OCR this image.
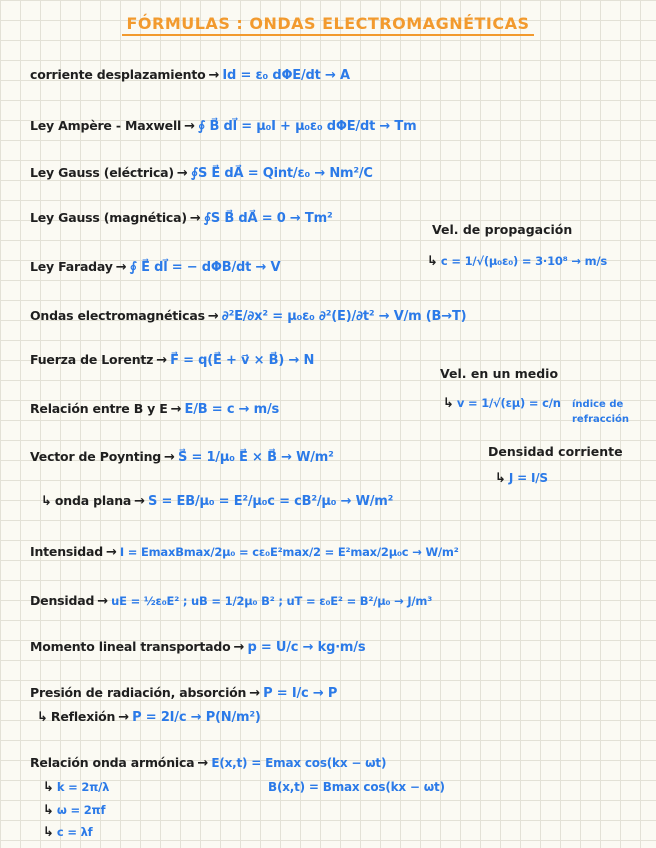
FÓRMULAS : ONDAS ELECTROMAGNÉTICAS
corriente desplazamiento → Id = ε₀ dΦE/dt → A
Ley Ampère - Maxwell → ∮ B⃗ dl⃗ = μ₀I + μ₀ε₀ dΦE/dt → Tm
Ley Gauss (eléctrica) → ∮S E⃗ dA⃗ = Qint/ε₀ → Nm²/C
Ley Gauss (magnética) → ∮S B⃗ dA⃗ = 0 → Tm²
Ley Faraday → ∮ E⃗ dl⃗ = − dΦB/dt → V
Ondas electromagnéticas → ∂²E/∂x² = μ₀ε₀ ∂²(E)/∂t² → V/m (B→T)
Fuerza de Lorentz → F⃗ = q(E⃗ + v⃗ × B⃗) → N
Relación entre B y E → E/B = c → m/s
Vector de Poynting → S⃗ = 1/μ₀ E⃗ × B⃗ → W/m²
↳ onda plana → S = EB/μ₀ = E²/μ₀c = cB²/μ₀ → W/m²
Intensidad → I = EmaxBmax/2μ₀ = cε₀E²max/2 = E²max/2μ₀c → W/m²
Densidad → uE = ½ε₀E² ; uB = 1/2μ₀ B² ; uT = ε₀E² = B²/μ₀ → J/m³
Momento lineal transportado → p = U/c → kg·m/s
Presión de radiación, absorción → P = I/c → P
↳ Reflexión → P = 2I/c → P(N/m²)
Relación onda armónica → E(x,t) = Emax cos(kx − ωt)
B(x,t) = Bmax cos(kx − ωt)
↳ k = 2π/λ
↳ ω = 2πf
↳ c = λf
Vel. de propagación
↳ c = 1/√(μ₀ε₀) = 3·10⁸ → m/s
Vel. en un medio
↳ v = 1/√(εμ) = c/n índice de refracción
Densidad corriente
↳ J = I/S
